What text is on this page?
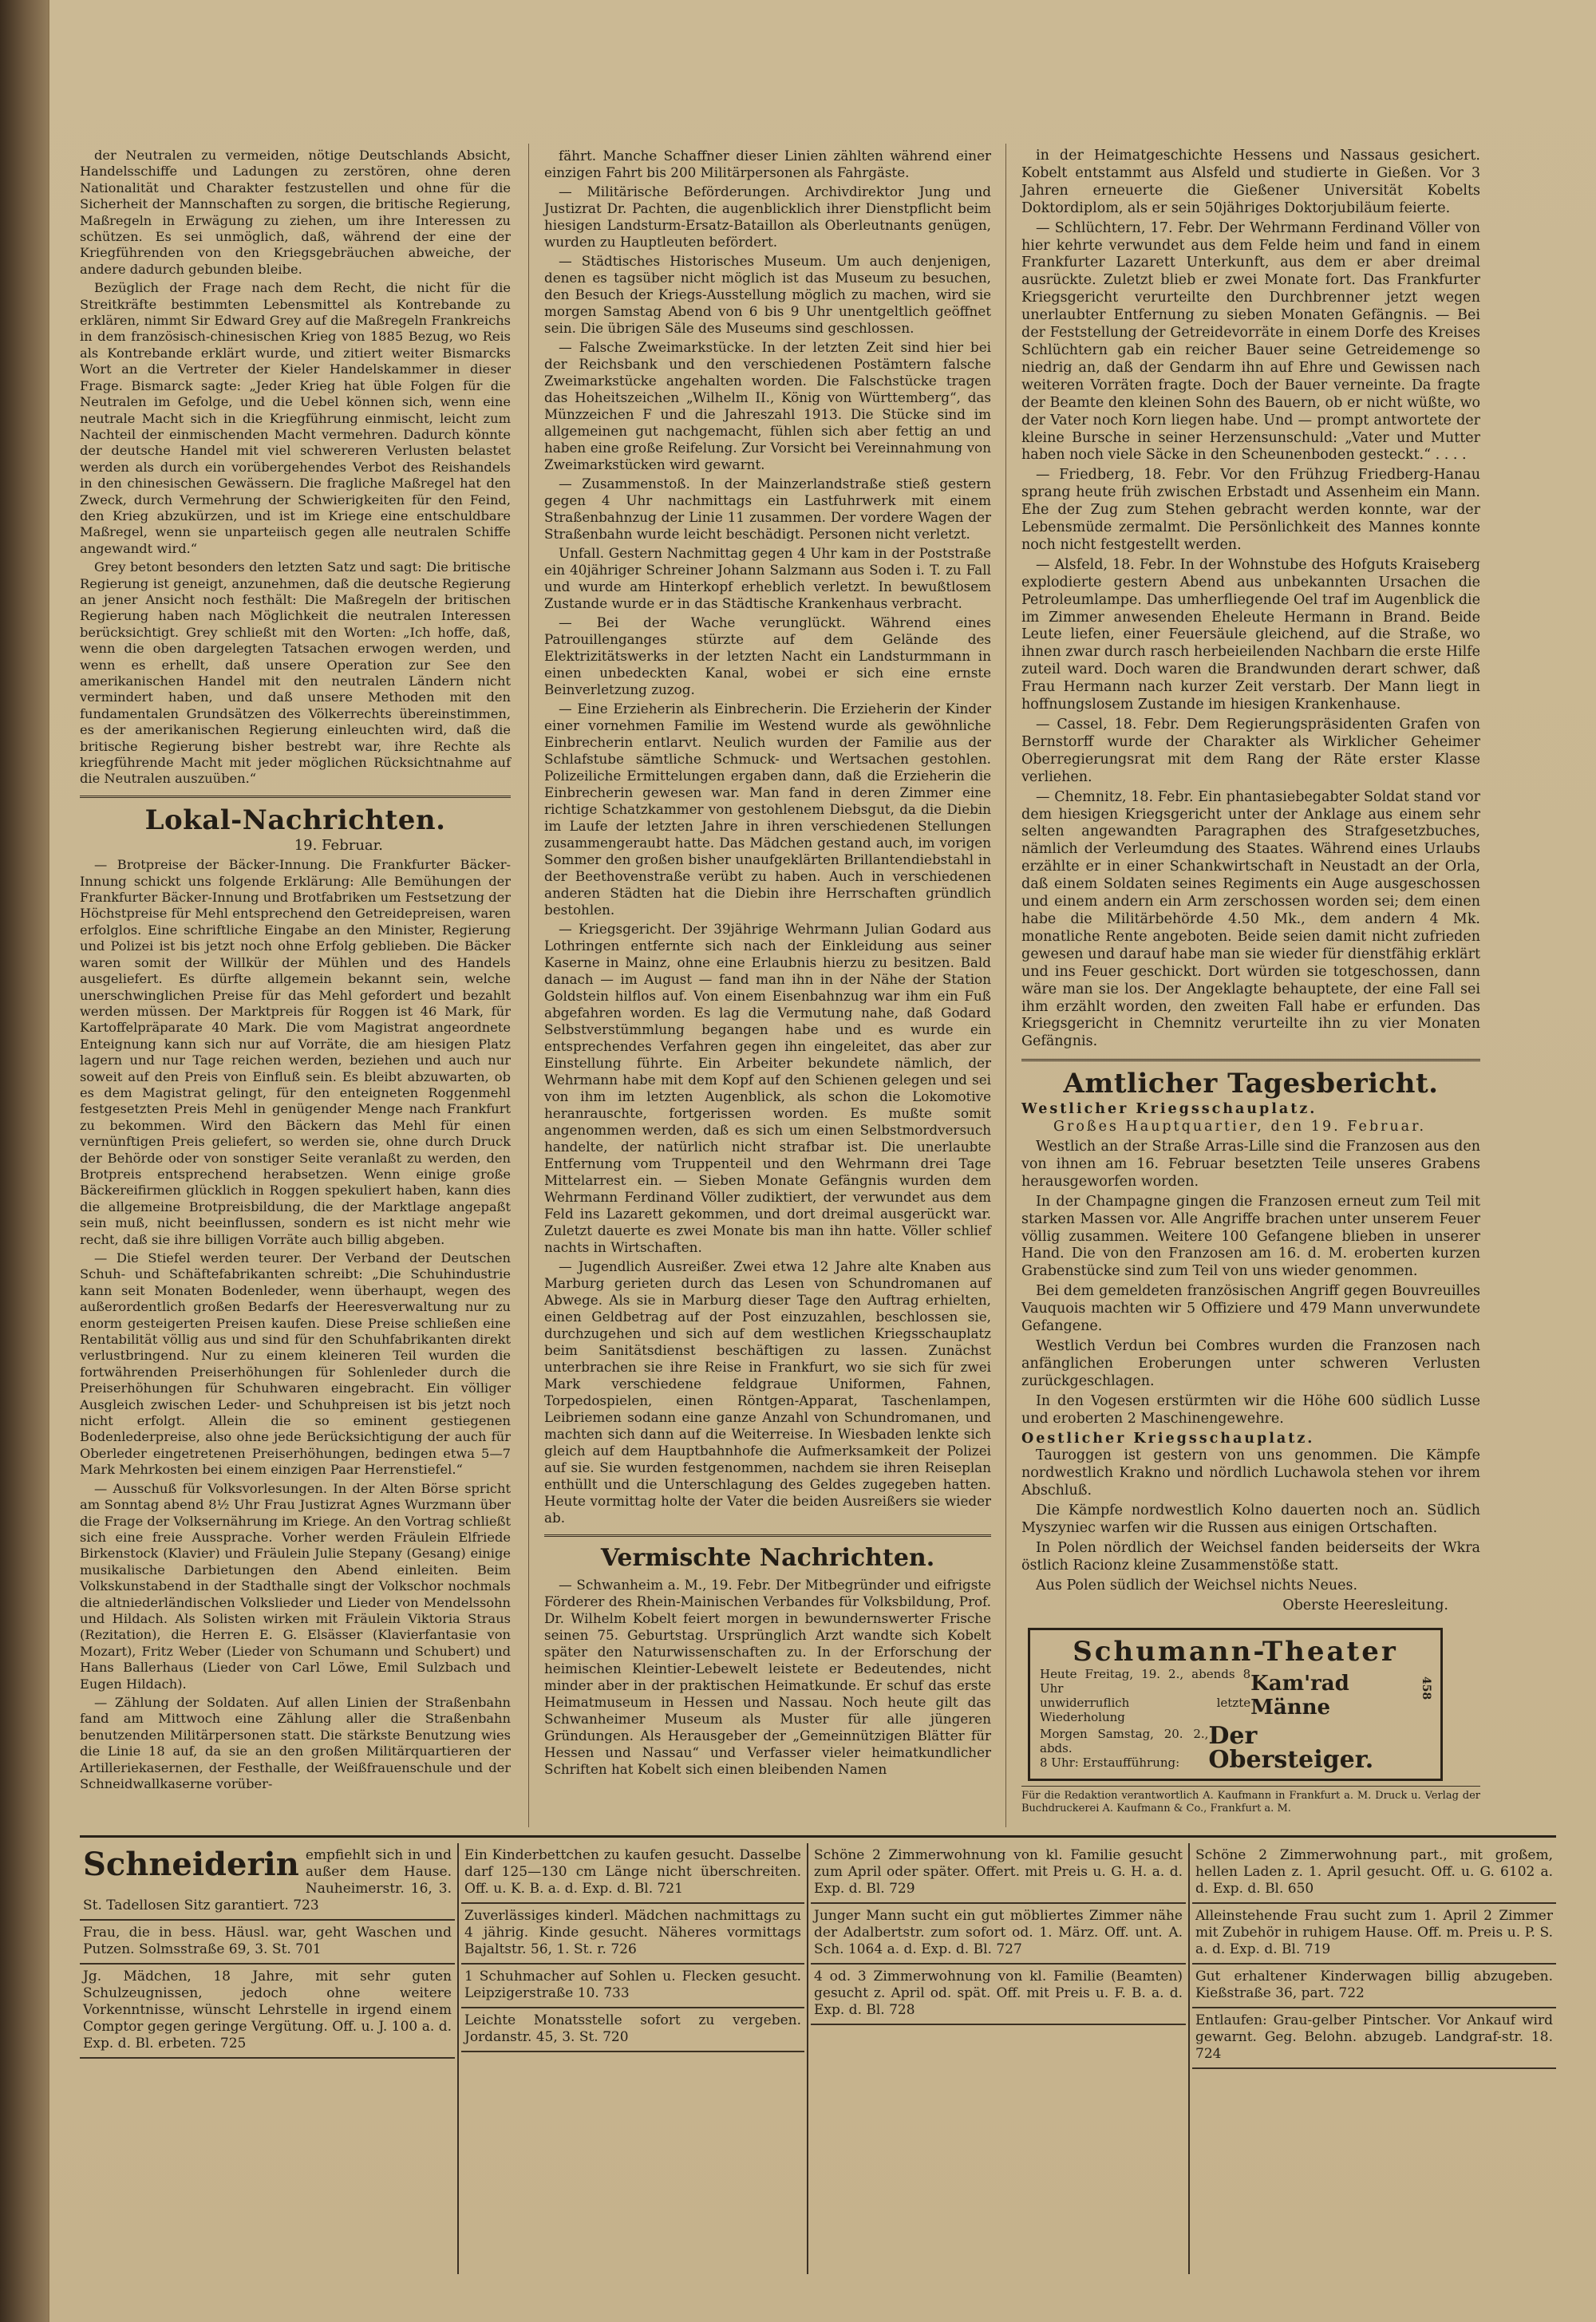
der Neutralen zu vermeiden, nötige Deutschlands Absicht, Handelsschiffe und Ladungen zu zerstören, ohne deren Nationalität und Charakter festzustellen und ohne für die Sicherheit der Mannschaften zu sorgen, die britische Regierung, Maßregeln in Erwägung zu ziehen, um ihre Interessen zu schützen. Es sei unmöglich, daß, während der eine der Kriegführenden von den Kriegsgebräuchen abweiche, der andere dadurch gebunden bleibe.

Bezüglich der Frage nach dem Recht, die nicht für die Streitkräfte bestimmten Lebensmittel als Kontrebande zu erklären, nimmt Sir Edward Grey auf die Maßregeln Frankreichs in dem französisch-chinesischen Krieg von 1885 Bezug, wo Reis als Kontrebande erklärt wurde, und zitiert weiter Bismarcks Wort an die Vertreter der Kieler Handelskammer in dieser Frage. Bismarck sagte: „Jeder Krieg hat üble Folgen für die Neutralen im Gefolge, und die Uebel können sich, wenn eine neutrale Macht sich in die Kriegführung einmischt, leicht zum Nachteil der einmischenden Macht vermehren. Dadurch könnte der deutsche Handel mit viel schwereren Verlusten belastet werden als durch ein vorübergehendes Verbot des Reishandels in den chinesischen Gewässern. Die fragliche Maßregel hat den Zweck, durch Vermehrung der Schwierigkeiten für den Feind, den Krieg abzukürzen, und ist im Kriege eine entschuldbare Maßregel, wenn sie unparteiisch gegen alle neutralen Schiffe angewandt wird.“

Grey betont besonders den letzten Satz und sagt: Die britische Regierung ist geneigt, anzunehmen, daß die deutsche Regierung an jener Ansicht noch festhält: Die Maßregeln der britischen Regierung haben nach Möglichkeit die neutralen Interessen berücksichtigt. Grey schließt mit den Worten: „Ich hoffe, daß, wenn die oben dargelegten Tatsachen erwogen werden, und wenn es erhellt, daß unsere Operation zur See den amerikanischen Handel mit den neutralen Ländern nicht vermindert haben, und daß unsere Methoden mit den fundamentalen Grundsätzen des Völkerrechts übereinstimmen, es der amerikanischen Regierung einleuchten wird, daß die britische Regierung bisher bestrebt war, ihre Rechte als kriegführende Macht mit jeder möglichen Rücksichtnahme auf die Neutralen auszuüben.“

Lokal-Nachrichten.
19. Februar.

— Brotpreise der Bäcker-Innung. Die Frankfurter Bäcker-Innung schickt uns folgende Erklärung: Alle Bemühungen der Frankfurter Bäcker-Innung und Brotfabriken um Festsetzung der Höchstpreise für Mehl entsprechend den Getreidepreisen, waren erfolglos. Eine schriftliche Eingabe an den Minister, Regierung und Polizei ist bis jetzt noch ohne Erfolg geblieben. Die Bäcker waren somit der Willkür der Mühlen und des Handels ausgeliefert. Es dürfte allgemein bekannt sein, welche unerschwinglichen Preise für das Mehl gefordert und bezahlt werden müssen. Der Marktpreis für Roggen ist 46 Mark, für Kartoffelpräparate 40 Mark. Die vom Magistrat angeordnete Enteignung kann sich nur auf Vorräte, die am hiesigen Platz lagern und nur Tage reichen werden, beziehen und auch nur soweit auf den Preis von Einfluß sein. Es bleibt abzuwarten, ob es dem Magistrat gelingt, für den enteigneten Roggenmehl festgesetzten Preis Mehl in genügender Menge nach Frankfurt zu bekommen. Wird den Bäckern das Mehl für einen vernünftigen Preis geliefert, so werden sie, ohne durch Druck der Behörde oder von sonstiger Seite veranlaßt zu werden, den Brotpreis entsprechend herabsetzen. Wenn einige große Bäckereifirmen glücklich in Roggen spekuliert haben, kann dies die allgemeine Brotpreisbildung, die der Marktlage angepaßt sein muß, nicht beeinflussen, sondern es ist nicht mehr wie recht, daß sie ihre billigen Vorräte auch billig abgeben.

— Die Stiefel werden teurer. Der Verband der Deutschen Schuh- und Schäftefabrikanten schreibt: „Die Schuhindustrie kann seit Monaten Bodenleder, wenn überhaupt, wegen des außerordentlich großen Bedarfs der Heeresverwaltung nur zu enorm gesteigerten Preisen kaufen. Diese Preise schließen eine Rentabilität völlig aus und sind für den Schuhfabrikanten direkt verlustbringend. Nur zu einem kleineren Teil wurden die fortwährenden Preiserhöhungen für Sohlenleder durch die Preiserhöhungen für Schuhwaren eingebracht. Ein völliger Ausgleich zwischen Leder- und Schuhpreisen ist bis jetzt noch nicht erfolgt. Allein die so eminent gestiegenen Bodenlederpreise, also ohne jede Berücksichtigung der auch für Oberleder eingetretenen Preiserhöhungen, bedingen etwa 5—7 Mark Mehrkosten bei einem einzigen Paar Herrenstiefel.“

— Ausschuß für Volksvorlesungen. In der Alten Börse spricht am Sonntag abend 8½ Uhr Frau Justizrat Agnes Wurzmann über die Frage der Volksernährung im Kriege. An den Vortrag schließt sich eine freie Aussprache. Vorher werden Fräulein Elfriede Birkenstock (Klavier) und Fräulein Julie Stepany (Gesang) einige musikalische Darbietungen den Abend einleiten. Beim Volkskunstabend in der Stadthalle singt der Volkschor nochmals die altniederländischen Volkslieder und Lieder von Mendelssohn und Hildach. Als Solisten wirken mit Fräulein Viktoria Straus (Rezitation), die Herren E. G. Elsässer (Klavierfantasie von Mozart), Fritz Weber (Lieder von Schumann und Schubert) und Hans Ballerhaus (Lieder von Carl Löwe, Emil Sulzbach und Eugen Hildach).

— Zählung der Soldaten. Auf allen Linien der Straßenbahn fand am Mittwoch eine Zählung aller die Straßenbahn benutzenden Militärpersonen statt. Die stärkste Benutzung wies die Linie 18 auf, da sie an den großen Militärquartieren der Artilleriekasernen, der Festhalle, der Weißfrauenschule und der Schneidwallkaserne vorüber-

fährt. Manche Schaffner dieser Linien zählten während einer einzigen Fahrt bis 200 Militärpersonen als Fahrgäste.

— Militärische Beförderungen. Archivdirektor Jung und Justizrat Dr. Pachten, die augenblicklich ihrer Dienstpflicht beim hiesigen Landsturm-Ersatz-Bataillon als Oberleutnants genügen, wurden zu Hauptleuten befördert.

— Städtisches Historisches Museum. Um auch denjenigen, denen es tagsüber nicht möglich ist das Museum zu besuchen, den Besuch der Kriegs-Ausstellung möglich zu machen, wird sie morgen Samstag Abend von 6 bis 9 Uhr unentgeltlich geöffnet sein. Die übrigen Säle des Museums sind geschlossen.

— Falsche Zweimarkstücke. In der letzten Zeit sind hier bei der Reichsbank und den verschiedenen Postämtern falsche Zweimarkstücke angehalten worden. Die Falschstücke tragen das Hoheitszeichen „Wilhelm II., König von Württemberg“, das Münzzeichen F und die Jahreszahl 1913. Die Stücke sind im allgemeinen gut nachgemacht, fühlen sich aber fettig an und haben eine große Reifelung. Zur Vorsicht bei Vereinnahmung von Zweimarkstücken wird gewarnt.

— Zusammenstoß. In der Mainzerlandstraße stieß gestern gegen 4 Uhr nachmittags ein Lastfuhrwerk mit einem Straßenbahnzug der Linie 11 zusammen. Der vordere Wagen der Straßenbahn wurde leicht beschädigt. Personen nicht verletzt.

Unfall. Gestern Nachmittag gegen 4 Uhr kam in der Poststraße ein 40jähriger Schreiner Johann Salzmann aus Soden i. T. zu Fall und wurde am Hinterkopf erheblich verletzt. In bewußtlosem Zustande wurde er in das Städtische Krankenhaus verbracht.

— Bei der Wache verunglückt. Während eines Patrouillenganges stürzte auf dem Gelände des Elektrizitätswerks in der letzten Nacht ein Landsturmmann in einen unbedeckten Kanal, wobei er sich eine ernste Beinverletzung zuzog.

— Eine Erzieherin als Einbrecherin. Die Erzieherin der Kinder einer vornehmen Familie im Westend wurde als gewöhnliche Einbrecherin entlarvt. Neulich wurden der Familie aus der Schlafstube sämtliche Schmuck- und Wertsachen gestohlen. Polizeiliche Ermittelungen ergaben dann, daß die Erzieherin die Einbrecherin gewesen war. Man fand in deren Zimmer eine richtige Schatzkammer von gestohlenem Diebsgut, da die Diebin im Laufe der letzten Jahre in ihren verschiedenen Stellungen zusammengeraubt hatte. Das Mädchen gestand auch, im vorigen Sommer den großen bisher unaufgeklärten Brillantendiebstahl in der Beethovenstraße verübt zu haben. Auch in verschiedenen anderen Städten hat die Diebin ihre Herrschaften gründlich bestohlen.

— Kriegsgericht. Der 39jährige Wehrmann Julian Godard aus Lothringen entfernte sich nach der Einkleidung aus seiner Kaserne in Mainz, ohne eine Erlaubnis hierzu zu besitzen. Bald danach — im August — fand man ihn in der Nähe der Station Goldstein hilflos auf. Von einem Eisenbahnzug war ihm ein Fuß abgefahren worden. Es lag die Vermutung nahe, daß Godard Selbstverstümmlung begangen habe und es wurde ein entsprechendes Verfahren gegen ihn eingeleitet, das aber zur Einstellung führte. Ein Arbeiter bekundete nämlich, der Wehrmann habe mit dem Kopf auf den Schienen gelegen und sei von ihm im letzten Augenblick, als schon die Lokomotive heranrauschte, fortgerissen worden. Es mußte somit angenommen werden, daß es sich um einen Selbstmordversuch handelte, der natürlich nicht strafbar ist. Die unerlaubte Entfernung vom Truppenteil und den Wehrmann drei Tage Mittelarrest ein. — Sieben Monate Gefängnis wurden dem Wehrmann Ferdinand Völler zudiktiert, der verwundet aus dem Feld ins Lazarett gekommen, und dort dreimal ausgerückt war. Zuletzt dauerte es zwei Monate bis man ihn hatte. Völler schlief nachts in Wirtschaften.

— Jugendlich Ausreißer. Zwei etwa 12 Jahre alte Knaben aus Marburg gerieten durch das Lesen von Schundromanen auf Abwege. Als sie in Marburg dieser Tage den Auftrag erhielten, einen Geldbetrag auf der Post einzuzahlen, beschlossen sie, durchzugehen und sich auf dem westlichen Kriegsschauplatz beim Sanitätsdienst beschäftigen zu lassen. Zunächst unterbrachen sie ihre Reise in Frankfurt, wo sie sich für zwei Mark verschiedene feldgraue Uniformen, Fahnen, Torpedospielen, einen Röntgen-Apparat, Taschenlampen, Leibriemen sodann eine ganze Anzahl von Schundromanen, und machten sich dann auf die Weiterreise. In Wiesbaden lenkte sich gleich auf dem Hauptbahnhofe die Aufmerksamkeit der Polizei auf sie. Sie wurden festgenommen, nachdem sie ihren Reiseplan enthüllt und die Unterschlagung des Geldes zugegeben hatten. Heute vormittag holte der Vater die beiden Ausreißers sie wieder ab.

Vermischte Nachrichten.

— Schwanheim a. M., 19. Febr. Der Mitbegründer und eifrigste Förderer des Rhein-Mainischen Verbandes für Volksbildung, Prof. Dr. Wilhelm Kobelt feiert morgen in bewundernswerter Frische seinen 75. Geburtstag. Ursprünglich Arzt wandte sich Kobelt später den Naturwissenschaften zu. In der Erforschung der heimischen Kleintier-Lebewelt leistete er Bedeutendes, nicht minder aber in der praktischen Heimatkunde. Er schuf das erste Heimatmuseum in Hessen und Nassau. Noch heute gilt das Schwanheimer Museum als Muster für alle jüngeren Gründungen. Als Herausgeber der „Gemeinnützigen Blätter für Hessen und Nassau“ und Verfasser vieler heimatkundlicher Schriften hat Kobelt sich einen bleibenden Namen

in der Heimatgeschichte Hessens und Nassaus gesichert. Kobelt entstammt aus Alsfeld und studierte in Gießen. Vor 3 Jahren erneuerte die Gießener Universität Kobelts Doktordiplom, als er sein 50jähriges Doktorjubiläum feierte.

— Schlüchtern, 17. Febr. Der Wehrmann Ferdinand Völler von hier kehrte verwundet aus dem Felde heim und fand in einem Frankfurter Lazarett Unterkunft, aus dem er aber dreimal ausrückte. Zuletzt blieb er zwei Monate fort. Das Frankfurter Kriegsgericht verurteilte den Durchbrenner jetzt wegen unerlaubter Entfernung zu sieben Monaten Gefängnis. — Bei der Feststellung der Getreidevorräte in einem Dorfe des Kreises Schlüchtern gab ein reicher Bauer seine Getreidemenge so niedrig an, daß der Gendarm ihn auf Ehre und Gewissen nach weiteren Vorräten fragte. Doch der Bauer verneinte. Da fragte der Beamte den kleinen Sohn des Bauern, ob er nicht wüßte, wo der Vater noch Korn liegen habe. Und — prompt antwortete der kleine Bursche in seiner Herzensunschuld: „Vater und Mutter haben noch viele Säcke in den Scheunenboden gesteckt.“ . . . .

— Friedberg, 18. Febr. Vor den Frühzug Friedberg-Hanau sprang heute früh zwischen Erbstadt und Assenheim ein Mann. Ehe der Zug zum Stehen gebracht werden konnte, war der Lebensmüde zermalmt. Die Persönlichkeit des Mannes konnte noch nicht festgestellt werden.

— Alsfeld, 18. Febr. In der Wohnstube des Hofguts Kraiseberg explodierte gestern Abend aus unbekannten Ursachen die Petroleumlampe. Das umherfliegende Oel traf im Augenblick die im Zimmer anwesenden Eheleute Hermann in Brand. Beide Leute liefen, einer Feuersäule gleichend, auf die Straße, wo ihnen zwar durch rasch herbeieilenden Nachbarn die erste Hilfe zuteil ward. Doch waren die Brandwunden derart schwer, daß Frau Hermann nach kurzer Zeit verstarb. Der Mann liegt in hoffnungslosem Zustande im hiesigen Krankenhause.

— Cassel, 18. Febr. Dem Regierungspräsidenten Grafen von Bernstorff wurde der Charakter als Wirklicher Geheimer Oberregierungsrat mit dem Rang der Räte erster Klasse verliehen.

— Chemnitz, 18. Febr. Ein phantasiebegabter Soldat stand vor dem hiesigen Kriegsgericht unter der Anklage aus einem sehr selten angewandten Paragraphen des Strafgesetzbuches, nämlich der Verleumdung des Staates. Während eines Urlaubs erzählte er in einer Schankwirtschaft in Neustadt an der Orla, daß einem Soldaten seines Regiments ein Auge ausgeschossen und einem andern ein Arm zerschossen worden sei; dem einen habe die Militärbehörde 4.50 Mk., dem andern 4 Mk. monatliche Rente angeboten. Beide seien damit nicht zufrieden gewesen und darauf habe man sie wieder für dienstfähig erklärt und ins Feuer geschickt. Dort würden sie totgeschossen, dann wäre man sie los. Der Angeklagte behauptete, der eine Fall sei ihm erzählt worden, den zweiten Fall habe er erfunden. Das Kriegsgericht in Chemnitz verurteilte ihn zu vier Monaten Gefängnis.

Amtlicher Tagesbericht.
Westlicher Kriegsschauplatz.

Großes Hauptquartier, den 19. Februar.

Westlich an der Straße Arras-Lille sind die Franzosen aus den von ihnen am 16. Februar besetzten Teile unseres Grabens herausgeworfen worden.

In der Champagne gingen die Franzosen erneut zum Teil mit starken Massen vor. Alle Angriffe brachen unter unserem Feuer völlig zusammen. Weitere 100 Gefangene blieben in unserer Hand. Die von den Franzosen am 16. d. M. eroberten kurzen Grabenstücke sind zum Teil von uns wieder genommen.

Bei dem gemeldeten französischen Angriff gegen Bouvreuilles Vauquois machten wir 5 Offiziere und 479 Mann unverwundete Gefangene.

Westlich Verdun bei Combres wurden die Franzosen nach anfänglichen Eroberungen unter schweren Verlusten zurückgeschlagen.

In den Vogesen erstürmten wir die Höhe 600 südlich Lusse und eroberten 2 Maschinengewehre.

Oestlicher Kriegsschauplatz.

Tauroggen ist gestern von uns genommen. Die Kämpfe nordwestlich Krakno und nördlich Luchawola stehen vor ihrem Abschluß.

Die Kämpfe nordwestlich Kolno dauerten noch an. Südlich Myszyniec warfen wir die Russen aus einigen Ortschaften.

In Polen nördlich der Weichsel fanden beiderseits der Wkra östlich Racionz kleine Zusammenstöße statt.

Aus Polen südlich der Weichsel nichts Neues.

Oberste Heeresleitung.
Schumann-Theater
Heute Freitag, 19. 2., abends 8 Uhr
unwiderruflich letzte Wiederholung
Kam'rad Männe
Morgen Samstag, 20. 2., abds.
8 Uhr: Erstaufführung:
Der Obersteiger.
458
Für die Redaktion verantwortlich A. Kaufmann in Frankfurt a. M. Druck u. Verlag der Buchdruckerei A. Kaufmann & Co., Frankfurt a. M.
Schneiderin empfiehlt sich in und außer dem Hause. Nauheimerstr. 16, 3. St. Tadellosen Sitz garantiert. 723
Frau, die in bess. Häusl. war, geht Waschen und Putzen. Solmsstraße 69, 3. St. 701
Jg. Mädchen, 18 Jahre, mit sehr guten Schulzeugnissen, jedoch ohne weitere Vorkenntnisse, wünscht Lehrstelle in irgend einem Comptor gegen geringe Vergütung. Off. u. J. 100 a. d. Exp. d. Bl. erbeten. 725
Ein Kinderbettchen zu kaufen gesucht. Dasselbe darf 125—130 cm Länge nicht überschreiten. Off. u. K. B. a. d. Exp. d. Bl. 721
Zuverlässiges kinderl. Mädchen nachmittags zu 4 jährig. Kinde gesucht. Näheres vormittags Bajaltstr. 56, 1. St. r. 726
1 Schuhmacher auf Sohlen u. Flecken gesucht. Leipzigerstraße 10. 733
Leichte Monatsstelle sofort zu vergeben. Jordanstr. 45, 3. St. 720
Schöne 2 Zimmerwohnung von kl. Familie gesucht zum April oder später. Offert. mit Preis u. G. H. a. d. Exp. d. Bl. 729
Junger Mann sucht ein gut möbliertes Zimmer nähe der Adalbertstr. zum sofort od. 1. März. Off. unt. A. Sch. 1064 a. d. Exp. d. Bl. 727
4 od. 3 Zimmerwohnung von kl. Familie (Beamten) gesucht z. April od. spät. Off. mit Preis u. F. B. a. d. Exp. d. Bl. 728
Schöne 2 Zimmerwohnung part., mit großem, hellen Laden z. 1. April gesucht. Off. u. G. 6102 a. d. Exp. d. Bl. 650
Alleinstehende Frau sucht zum 1. April 2 Zimmer mit Zubehör in ruhigem Hause. Off. m. Preis u. P. S. a. d. Exp. d. Bl. 719
Gut erhaltener Kinderwagen billig abzugeben. Kießstraße 36, part. 722
Entlaufen: Grau-gelber Pintscher. Vor Ankauf wird gewarnt. Geg. Belohn. abzugeb. Landgraf-str. 18. 724
